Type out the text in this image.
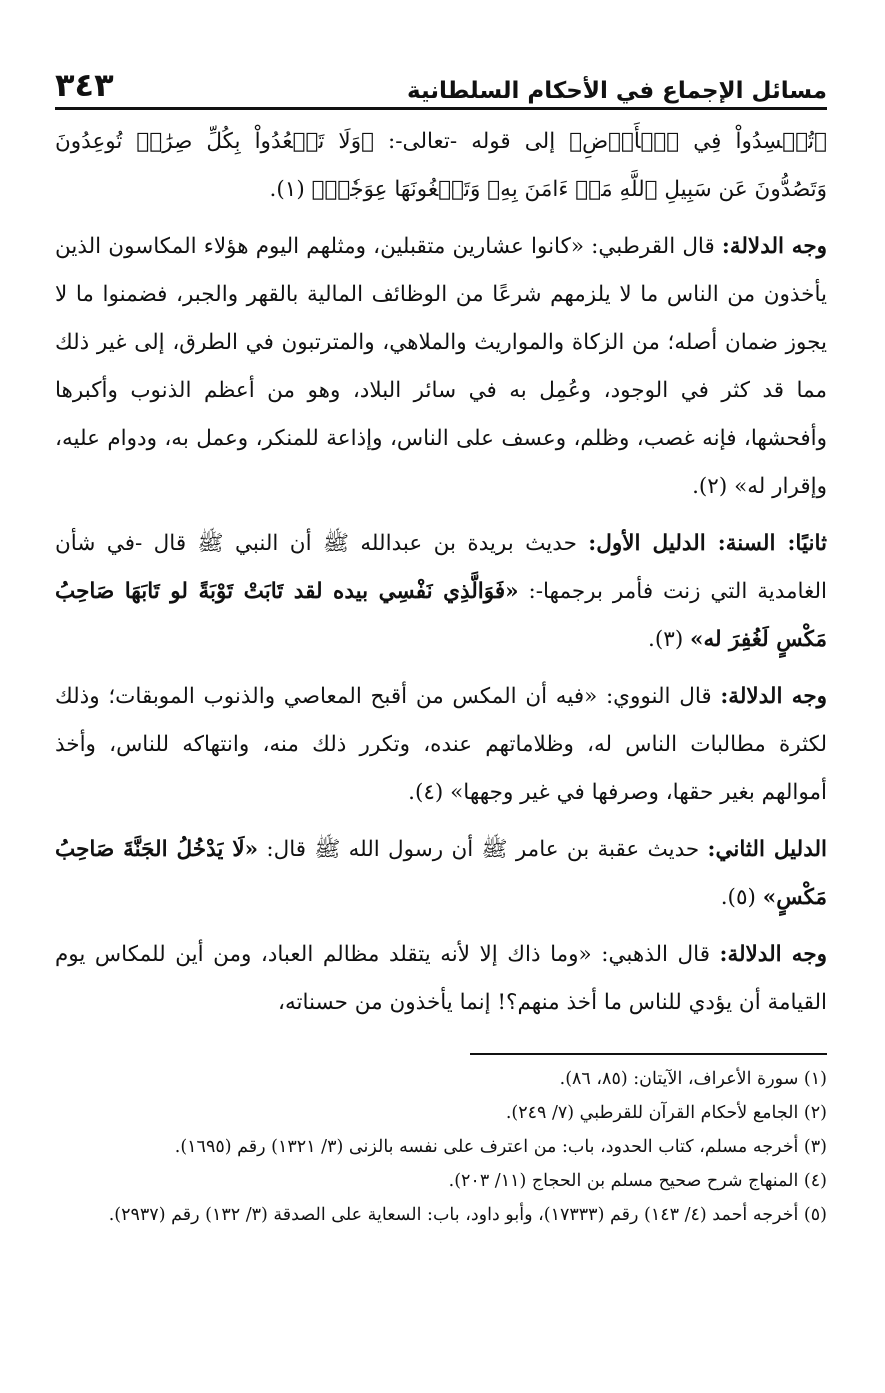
مسائل الإجماع في الأحكام السلطانية
٣٤٣

﴿تُفۡسِدُواْ فِي ٱلۡأَرۡضِ﴾ إلى قوله -تعالى-: ﴿وَلَا تَقۡعُدُواْ بِكُلِّ صِرَٰطٖ تُوعِدُونَ وَتَصُدُّونَ عَن سَبِيلِ ٱللَّهِ مَنۡ ءَامَنَ بِهِۦ وَتَبۡغُونَهَا عِوَجٗاۚ﴾ (١).

وجه الدلالة: قال القرطبي: «كانوا عشارين متقبلين، ومثلهم اليوم هؤلاء المكاسون الذين يأخذون من الناس ما لا يلزمهم شرعًا من الوظائف المالية بالقهر والجبر، فضمنوا ما لا يجوز ضمان أصله؛ من الزكاة والمواريث والملاهي، والمترتبون في الطرق، إلى غير ذلك مما قد كثر في الوجود، وعُمِل به في سائر البلاد، وهو من أعظم الذنوب وأكبرها وأفحشها، فإنه غصب، وظلم، وعسف على الناس، وإذاعة للمنكر، وعمل به، ودوام عليه، وإقرار له» (٢).

ثانيًا: السنة: الدليل الأول: حديث بريدة بن عبدالله ﷺ أن النبي ﷺ قال -في شأن الغامدية التي زنت فأمر برجمها-: «فَوَالَّذِي نَفْسِي بيده لقد تَابَتْ تَوْبَةً لو تَابَهَا صَاحِبُ مَكْسٍ لَغُفِرَ له» (٣).

وجه الدلالة: قال النووي: «فيه أن المكس من أقبح المعاصي والذنوب الموبقات؛ وذلك لكثرة مطالبات الناس له، وظلاماتهم عنده، وتكرر ذلك منه، وانتهاكه للناس، وأخذ أموالهم بغير حقها، وصرفها في غير وجهها» (٤).

الدليل الثاني: حديث عقبة بن عامر ﷺ أن رسول الله ﷺ قال: «لَا يَدْخُلُ الجَنَّةَ صَاحِبُ مَكْسٍ» (٥).

وجه الدلالة: قال الذهبي: «وما ذاك إلا لأنه يتقلد مظالم العباد، ومن أين للمكاس يوم القيامة أن يؤدي للناس ما أخذ منهم؟! إنما يأخذون من حسناته،

(١) سورة الأعراف، الآيتان: (٨٥، ٨٦).
(٢) الجامع لأحكام القرآن للقرطبي (٧/ ٢٤٩).
(٣) أخرجه مسلم، كتاب الحدود، باب: من اعترف على نفسه بالزنى (٣/ ١٣٢١) رقم (١٦٩٥).
(٤) المنهاج شرح صحيح مسلم بن الحجاج (١١/ ٢٠٣).
(٥) أخرجه أحمد (٤/ ١٤٣) رقم (١٧٣٣٣)، وأبو داود، باب: السعاية على الصدقة (٣/ ١٣٢) رقم (٢٩٣٧).
